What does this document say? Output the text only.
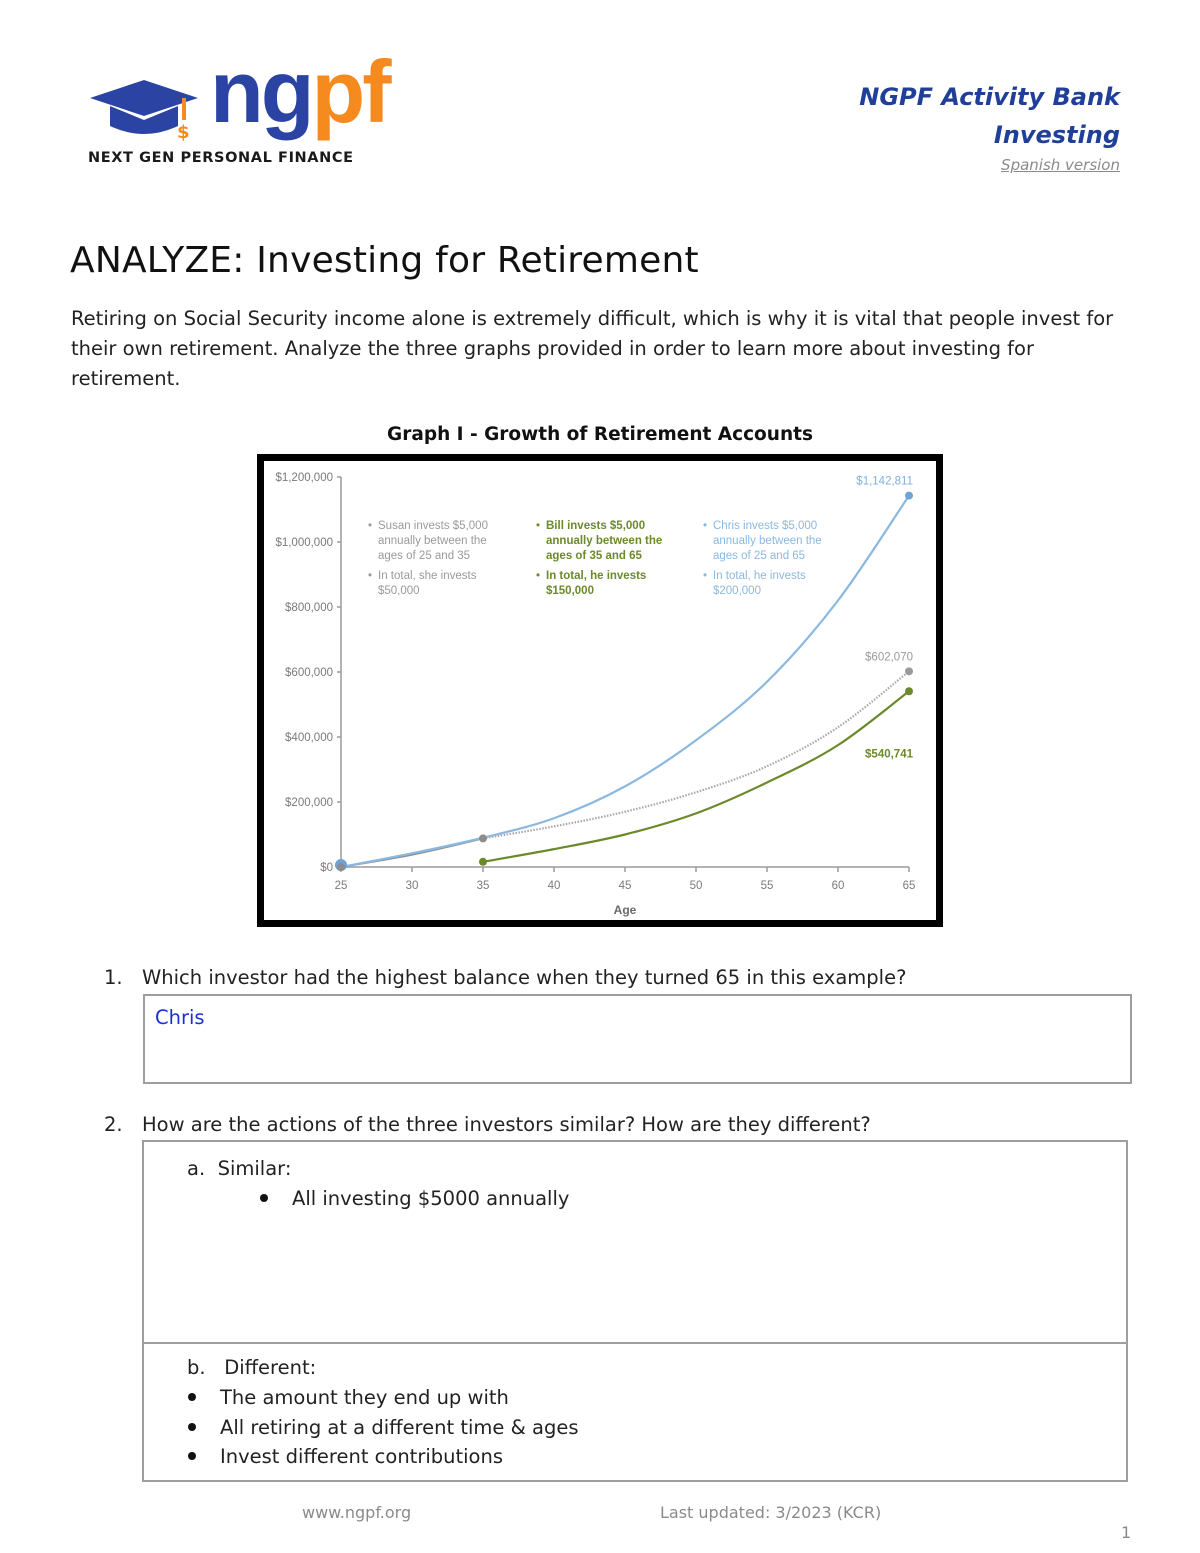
$ ngpf
NEXT GEN PERSONAL FINANCE
NGPF Activity Bank
Investing
Spanish version
ANALYZE: Investing for Retirement

Retiring on Social Security income alone is extremely difficult, which is why it is vital that people invest for their own retirement. Analyze the three graphs provided in order to learn more about investing for retirement.

Graph I - Growth of Retirement Accounts
$0
$200,000
$400,000
$600,000
$800,000
$1,000,000
$1,200,000
25	30	35	40	45	50	55	60	65
Age
$1,142,811
$602,070
$540,741
• Susan invests $5,000
annually between the
ages of 25 and 35
• In total, she invests
$50,000
• Bill invests $5,000
annually between the
ages of 35 and 65
• In total, he invests
$150,000
• Chris invests $5,000
annually between the
ages of 25 and 65
• In total, he invests
$200,000
1. Which investor had the highest balance when they turned 65 in this example?
Chris
2. How are the actions of the three investors similar? How are they different?
a. Similar:
All investing $5000 annually
b. Different:
The amount they end up with
All retiring at a different time & ages
Invest different contributions
www.ngpf.org	Last updated: 3/2023 (KCR)
1
